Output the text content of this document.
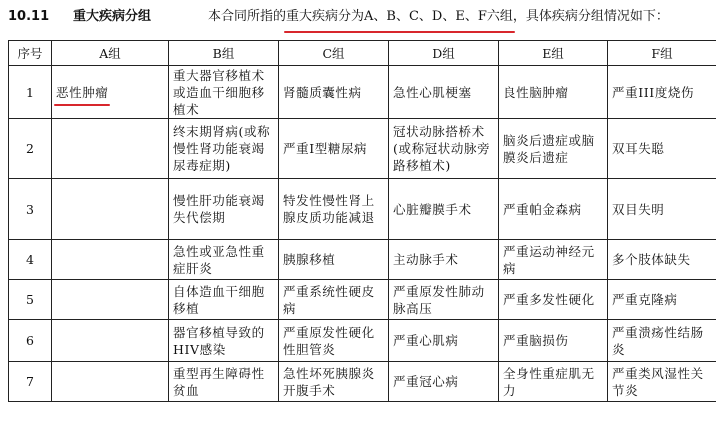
10.11 重大疾病分组	本合同所指的重大疾病分为A、B、C、D、E、F六组，具体疾病分组情况如下：
序号	A组	B组	C组	D组	E组	F组
1	恶性肿瘤	重大器官移植术或造血干细胞移植术	肾髓质囊性病	急性心肌梗塞	良性脑肿瘤	严重III度烧伤
2		终末期肾病(或称慢性肾功能衰竭尿毒症期)	严重Ⅰ型糖尿病	冠状动脉搭桥术(或称冠状动脉旁路移植术)	脑炎后遗症或脑膜炎后遗症	双耳失聪
3		慢性肝功能衰竭失代偿期	特发性慢性肾上腺皮质功能减退	心脏瓣膜手术	严重帕金森病	双目失明
4		急性或亚急性重症肝炎	胰腺移植	主动脉手术	严重运动神经元病	多个肢体缺失
5		自体造血干细胞移植	严重系统性硬皮病	严重原发性肺动脉高压	严重多发性硬化	严重克隆病
6		器官移植导致的HIV感染	严重原发性硬化性胆管炎	严重心肌病	严重脑损伤	严重溃疡性结肠炎
7		重型再生障碍性贫血	急性坏死胰腺炎开腹手术	严重冠心病	全身性重症肌无力	严重类风湿性关节炎
